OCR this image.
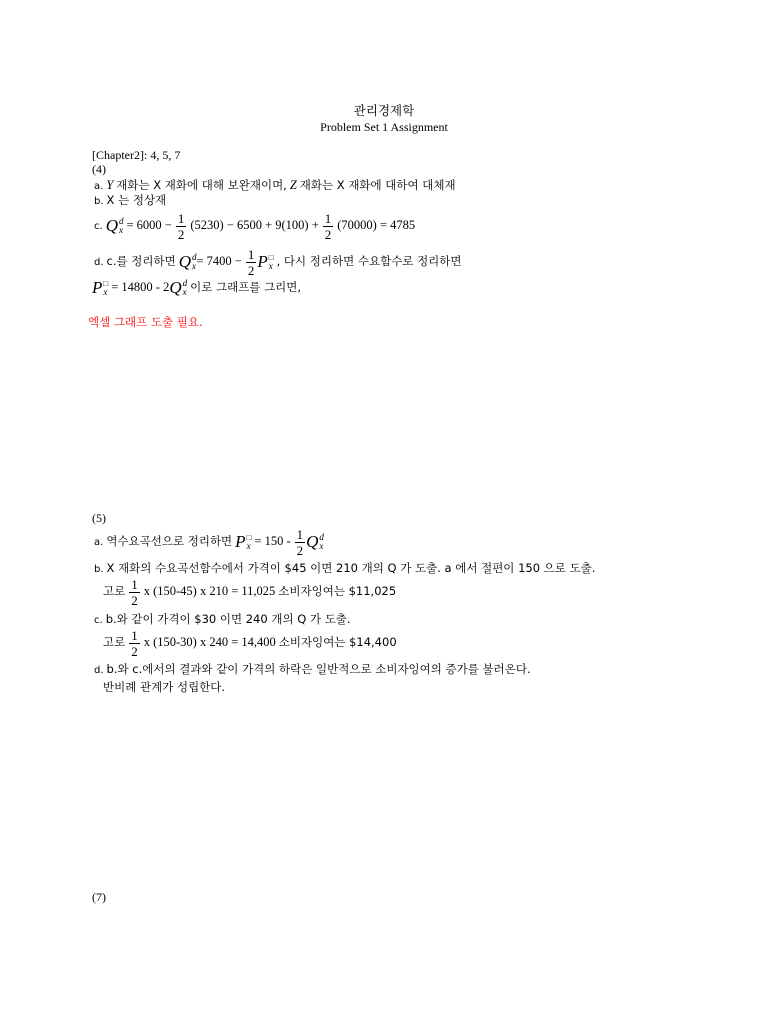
관리경제학
Problem Set 1 Assignment
[Chapter2]: 4, 5, 7
(4)
a. Y 재화는 X 재화에 대해 보완재이며, Z 재화는 X 재화에 대하여 대체재
b. X 는 정상재
c. Q d
$x = 6000 - \frac{1}{2} (5230) - 6500 + 9(100) + \frac{1}{2} (70000) = 4785$
d. c.를 정리하면 Q d
$x = 7400 - \frac{1}{2}$ P □
x , 다시 정리하면 수요함수로 정리하면
P □
x = 14800 - 2 Q d
x 이로 그래프를 그리면,
엑셀 그래프 도출 필요.
(5)
a. 역수요곡선으로 정리하면 P □
$x = 150 - \frac{1}{2}$ Q d
x
b. X 재화의 수요곡선함수에서 가격이 $45 이면 210 개의 Q 가 도출. a 에서 절편이 150 으로 도출.
고로 $\frac{1}{2}$ x (150-45) x 210 = 11,025 소비자잉여는 $11,025
c. b.와 같이 가격이 $30 이면 240 개의 Q 가 도출.
고로 $\frac{1}{2}$ x (150-30) x 240 = 14,400 소비자잉여는 $14,400
d. b.와 c.에서의 결과와 같이 가격의 하락은 일반적으로 소비자잉여의 증가를 불러온다.
반비례 관계가 성립한다.
(7)
